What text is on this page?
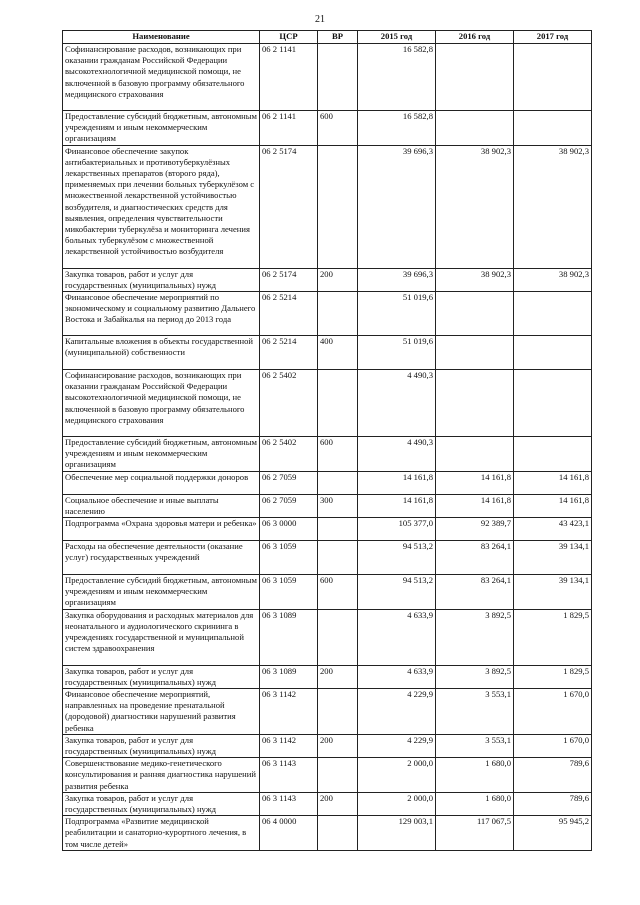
21
Наименование	ЦСР	ВР	2015 год	2016 год	2017 год
Софинансирование расходов, возникающих при оказании гражданам Российской Федерации высокотехнологичной медицинской помощи, не включенной в базовую программу обязательного медицинского страхования	06 2 1141		16 582,8		
Предоставление субсидий бюджетным, автономным учреждениям и иным некоммерческим организациям	06 2 1141	600	16 582,8		
Финансовое обеспечение закупок антибактериальных и противотуберкулёзных лекарственных препаратов (второго ряда), применяемых при лечении больных туберкулёзом с множественной лекарственной устойчивостью возбудителя, и диагностических средств для выявления, определения чувствительности микобактерии туберкулёза и мониторинга лечения больных туберкулёзом с множественной лекарственной устойчивостью возбудителя	06 2 5174		39 696,3	38 902,3	38 902,3
Закупка товаров, работ и услуг для государственных (муниципальных) нужд	06 2 5174	200	39 696,3	38 902,3	38 902,3
Финансовое обеспечение мероприятий по экономическому и социальному развитию Дальнего Востока и Забайкалья на период до 2013 года	06 2 5214		51 019,6		
Капитальные вложения в объекты государственной (муниципальной) собственности	06 2 5214	400	51 019,6		
Софинансирование расходов, возникающих при оказании гражданам Российской Федерации высокотехнологичной медицинской помощи, не включенной в базовую программу обязательного медицинского страхования	06 2 5402		4 490,3		
Предоставление субсидий бюджетным, автономным учреждениям и иным некоммерческим организациям	06 2 5402	600	4 490,3		
Обеспечение мер социальной поддержки доноров	06 2 7059		14 161,8	14 161,8	14 161,8
Социальное обеспечение и иные выплаты населению	06 2 7059	300	14 161,8	14 161,8	14 161,8
Подпрограмма «Охрана здоровья матери и ребенка»	06 3 0000		105 377,0	92 389,7	43 423,1
Расходы на обеспечение деятельности (оказание услуг) государственных учреждений	06 3 1059		94 513,2	83 264,1	39 134,1
Предоставление субсидий бюджетным, автономным учреждениям и иным некоммерческим организациям	06 3 1059	600	94 513,2	83 264,1	39 134,1
Закупка оборудования и расходных материалов для неонатального и аудиологического скрининга в учреждениях государственной и муниципальной систем здравоохранения	06 3 1089		4 633,9	3 892,5	1 829,5
Закупка товаров, работ и услуг для государственных (муниципальных) нужд	06 3 1089	200	4 633,9	3 892,5	1 829,5
Финансовое обеспечение мероприятий, направленных на проведение пренатальной (дородовой) диагностики нарушений развития ребенка	06 3 1142		4 229,9	3 553,1	1 670,0
Закупка товаров, работ и услуг для государственных (муниципальных) нужд	06 3 1142	200	4 229,9	3 553,1	1 670,0
Совершенствование медико-генетического консультирования и ранняя диагностика нарушений развития ребенка	06 3 1143		2 000,0	1 680,0	789,6
Закупка товаров, работ и услуг для государственных (муниципальных) нужд	06 3 1143	200	2 000,0	1 680,0	789,6
Подпрограмма «Развитие медицинской реабилитации и санаторно-курортного лечения, в том числе детей»	06 4 0000		129 003,1	117 067,5	95 945,2
